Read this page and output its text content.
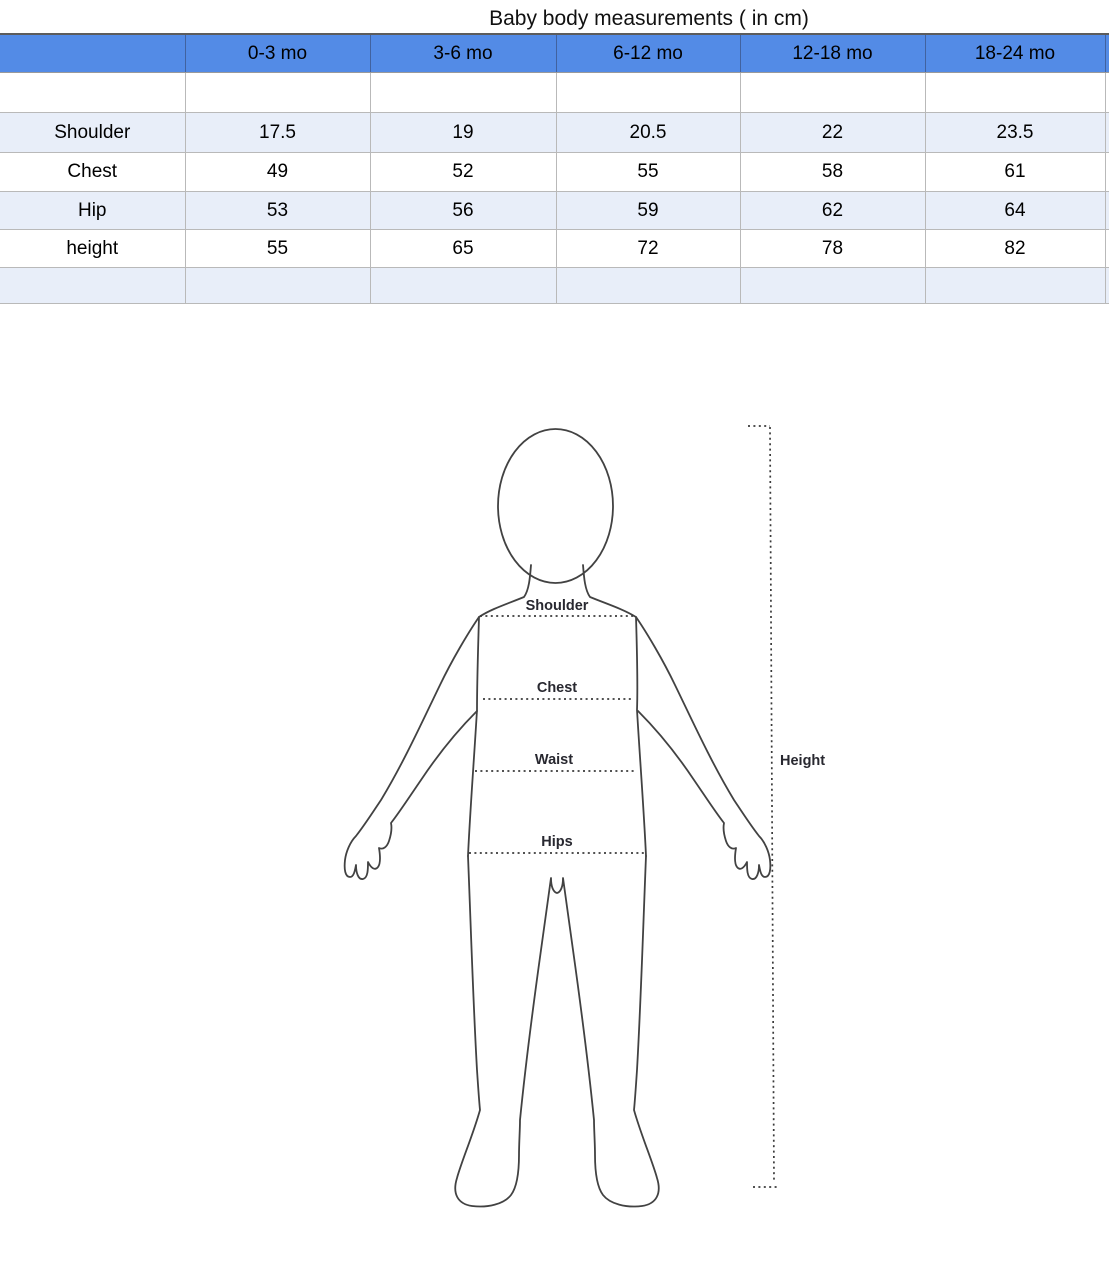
Baby body measurements ( in cm)
	0-3 mo	3-6 mo	6-12 mo	12-18 mo	18-24 mo	

Shoulder	17.5	19	20.5	22	23.5	
Chest	49	52	55	58	61	
Hip	53	56	59	62	64	
height	55	65	72	78	82	

Shoulder
Chest
Waist
Hips
Height
